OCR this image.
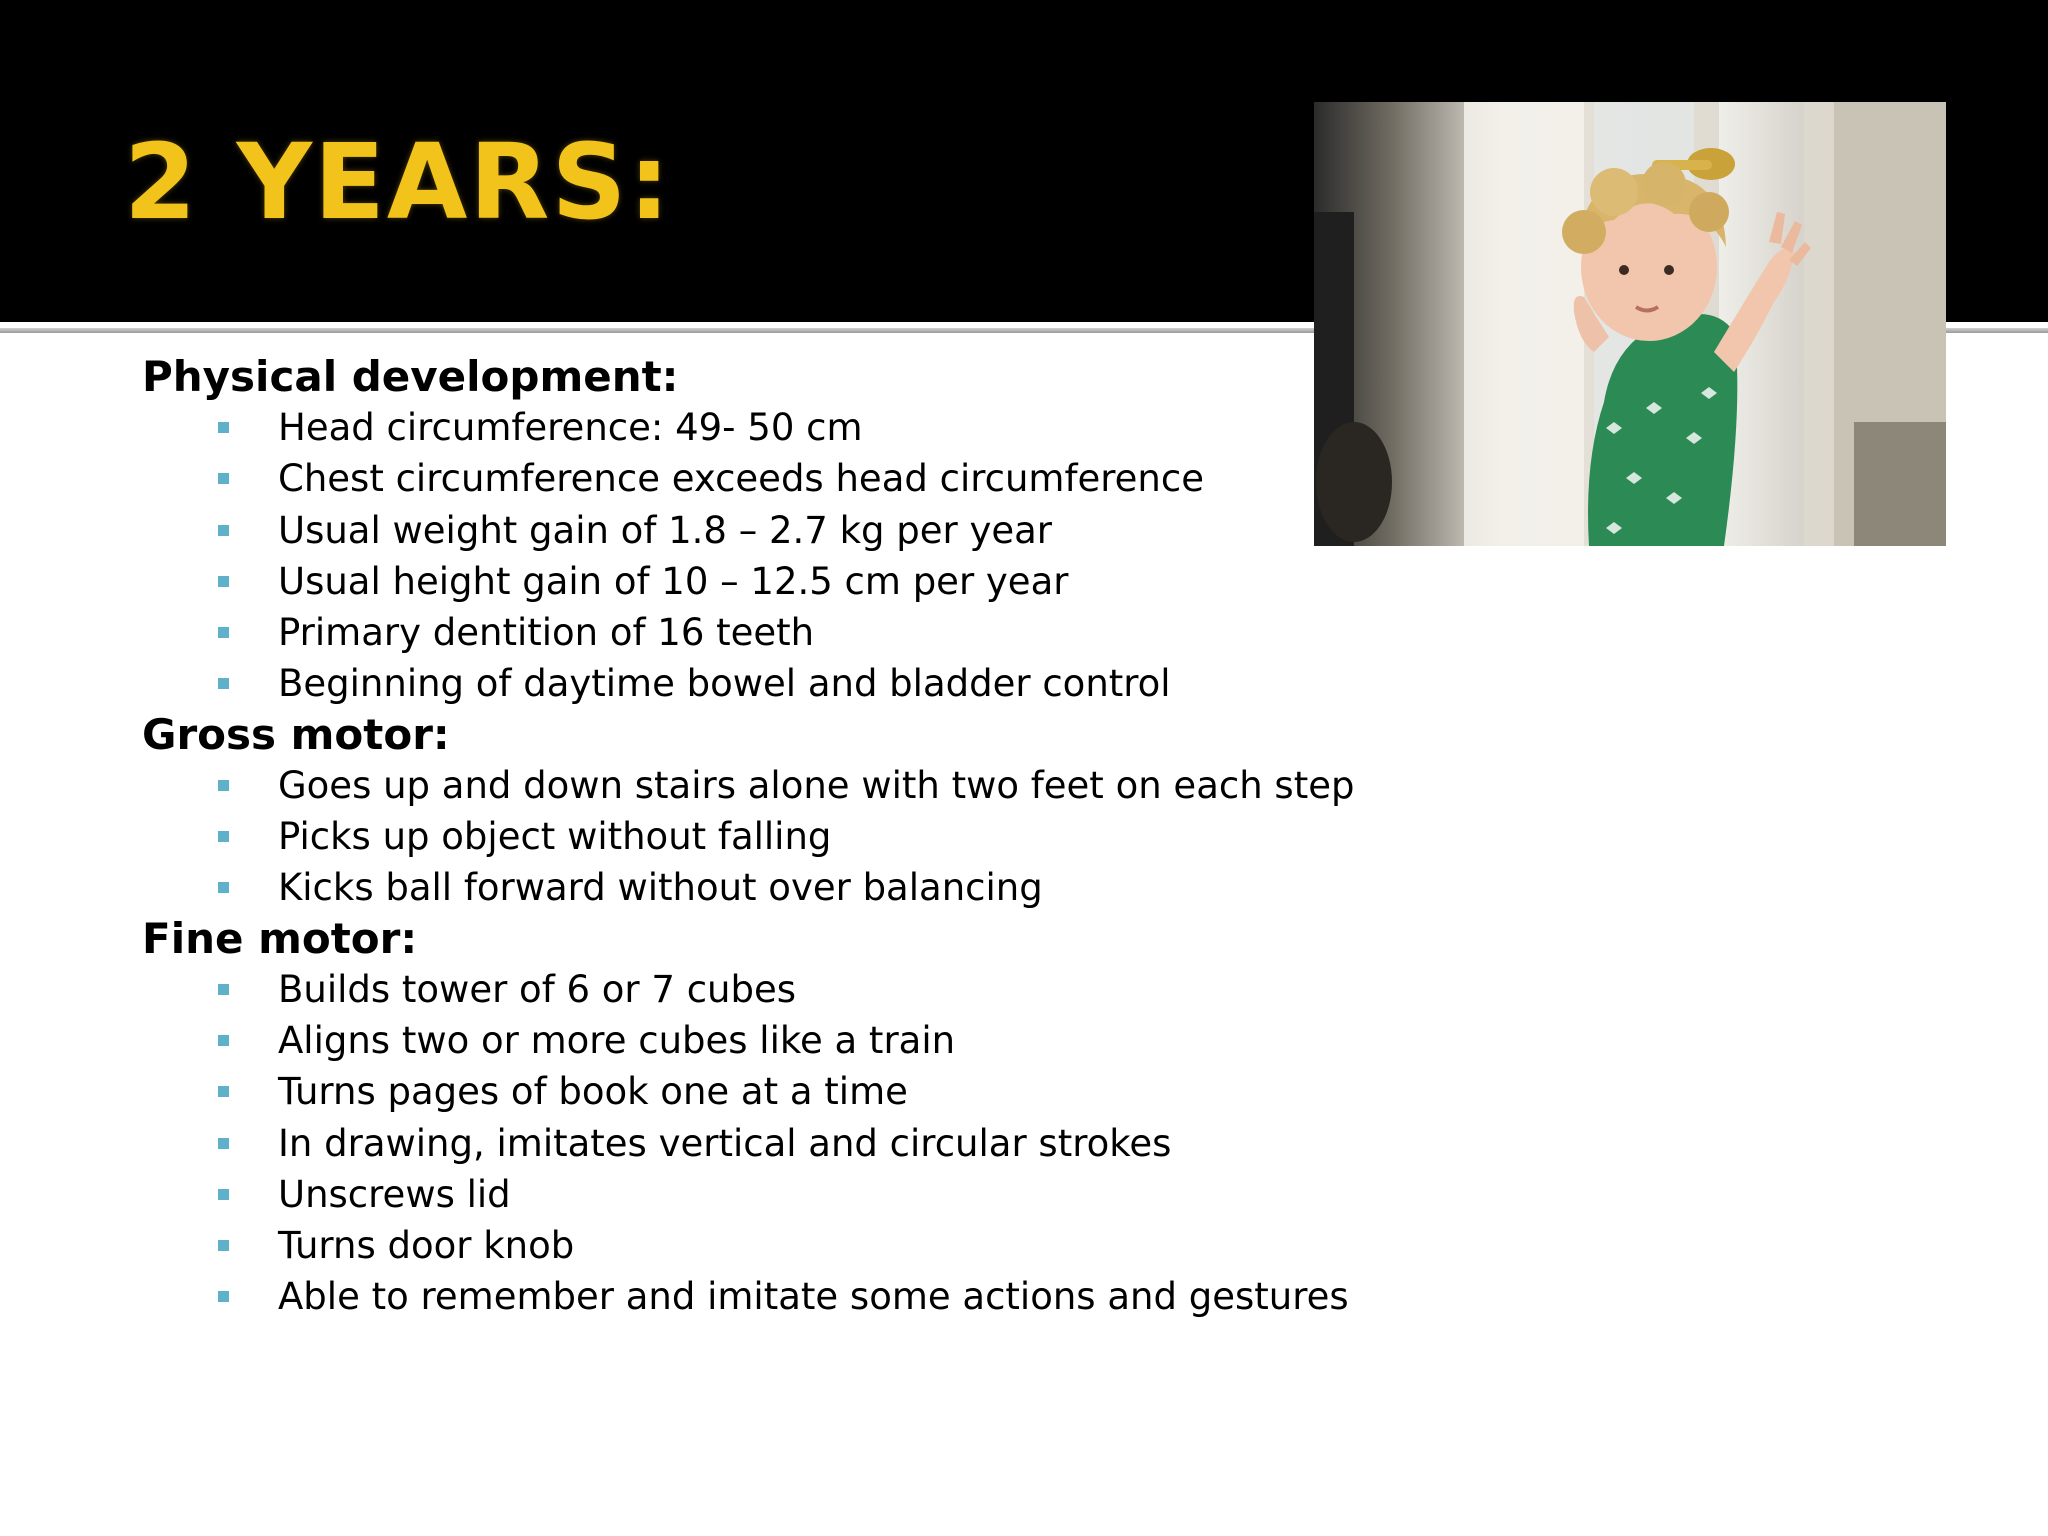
2 YEARS:
Physical development:
Head circumference: 49- 50 cm
Chest circumference exceeds head circumference
Usual weight gain of 1.8 – 2.7 kg per year
Usual height gain of 10 – 12.5 cm per year
Primary dentition of 16 teeth
Beginning of daytime bowel and bladder control
Gross motor:
Goes up and down stairs alone with two feet on each step
Picks up object without falling
Kicks ball forward without over balancing
Fine motor:
Builds tower of 6 or 7 cubes
Aligns two or more cubes like a train
Turns pages of book one at a time
In drawing, imitates vertical and circular strokes
Unscrews lid
Turns door knob
Able to remember and imitate some actions and gestures
